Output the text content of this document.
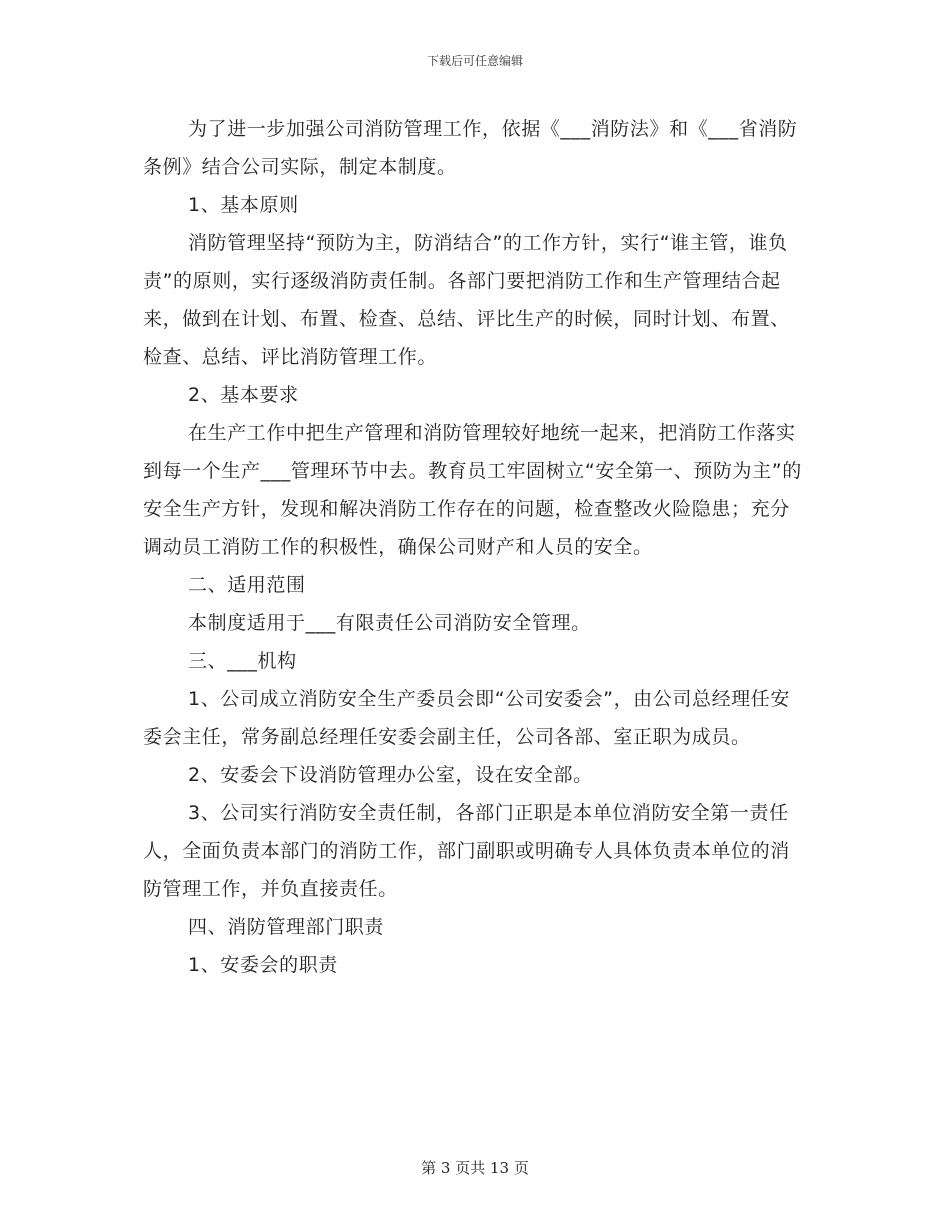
下载后可任意编辑

为了进一步加强公司消防管理工作，依据《___消防法》和《___省消防条例》结合公司实际，制定本制度。

1、基本原则

消防管理坚持“预防为主，防消结合”的工作方针，实行“谁主管，谁负责”的原则，实行逐级消防责任制。各部门要把消防工作和生产管理结合起来，做到在计划、布置、检查、总结、评比生产的时候，同时计划、布置、检查、总结、评比消防管理工作。

2、基本要求

在生产工作中把生产管理和消防管理较好地统一起来，把消防工作落实到每一个生产___管理环节中去。教育员工牢固树立“安全第一、预防为主”的安全生产方针，发现和解决消防工作存在的问题，检查整改火险隐患；充分调动员工消防工作的积极性，确保公司财产和人员的安全。

二、适用范围

本制度适用于___有限责任公司消防安全管理。

三、___机构

1、公司成立消防安全生产委员会即“公司安委会”，由公司总经理任安委会主任，常务副总经理任安委会副主任，公司各部、室正职为成员。

2、安委会下设消防管理办公室，设在安全部。

3、公司实行消防安全责任制，各部门正职是本单位消防安全第一责任人，全面负责本部门的消防工作，部门副职或明确专人具体负责本单位的消防管理工作，并负直接责任。

四、消防管理部门职责

1、安委会的职责

第 3 页共 13 页
